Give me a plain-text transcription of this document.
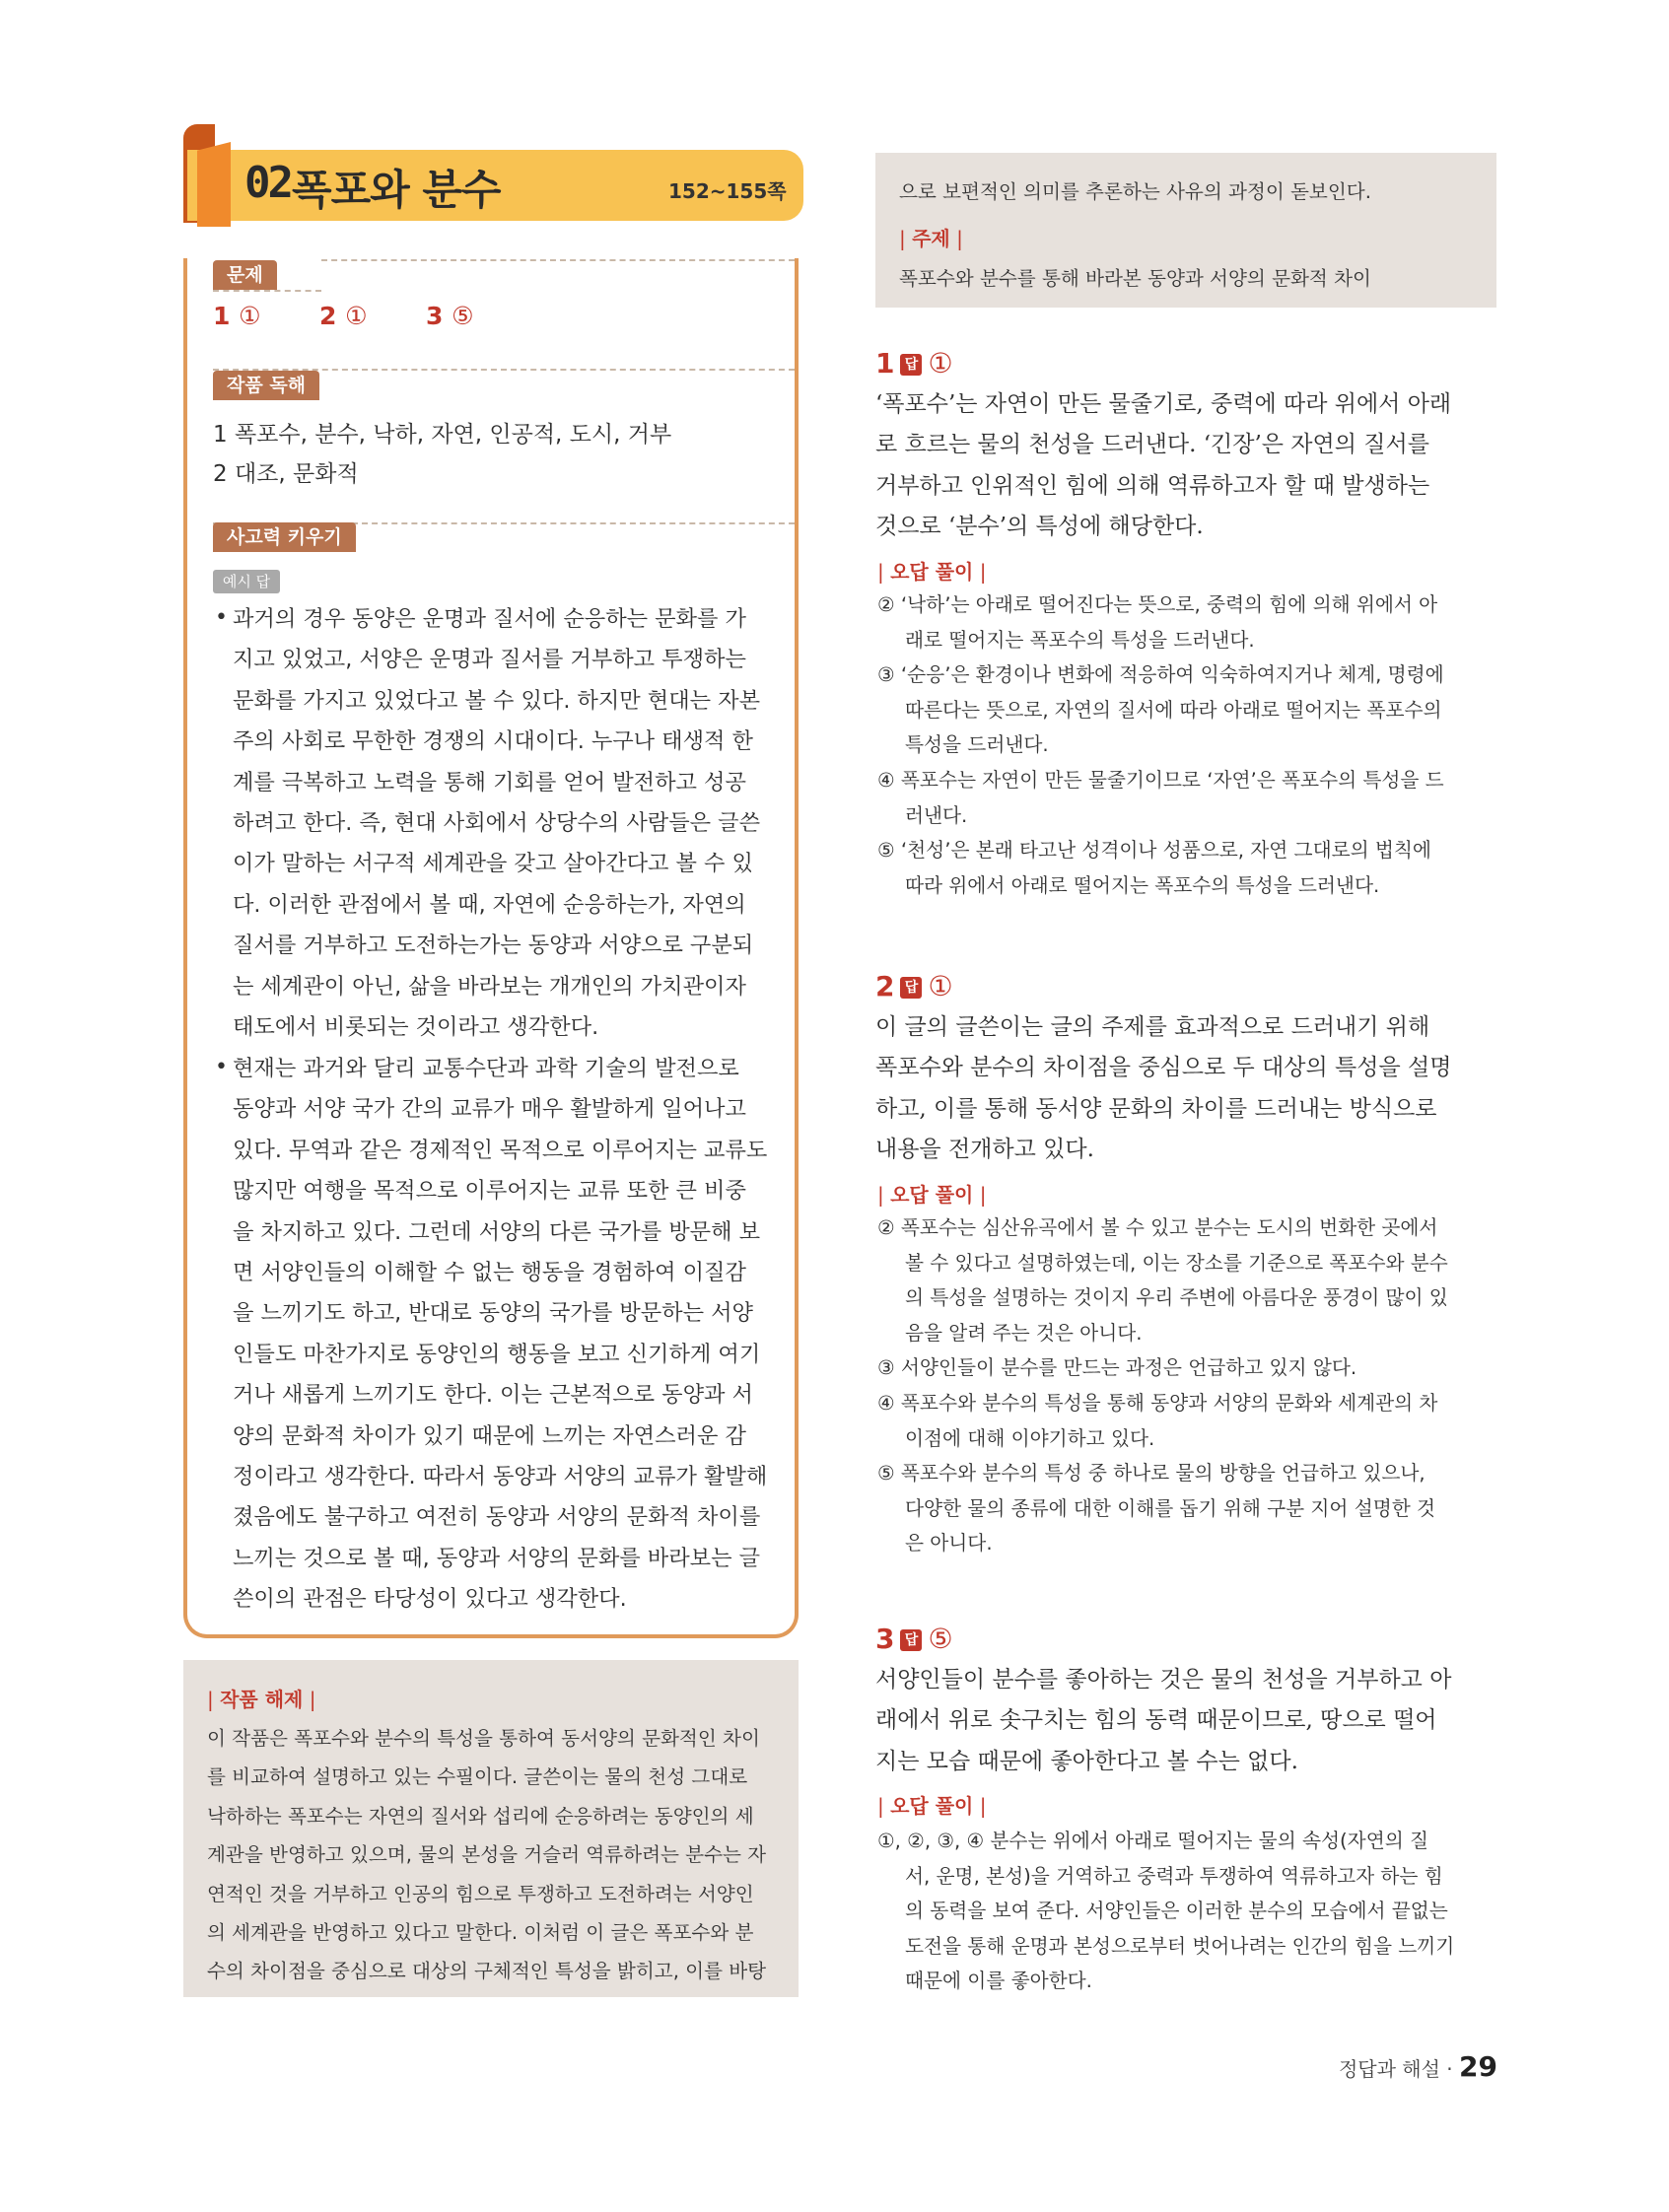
02 폭포와 분수	152~155쪽
문제
1 ① 2 ① 3 ⑤
작품 독해
1 폭포수, 분수, 낙하, 자연, 인공적, 도시, 거부
2 대조, 문화적
사고력 키우기
예시 답
• 과거의 경우 동양은 운명과 질서에 순응하는 문화를 가
지고 있었고, 서양은 운명과 질서를 거부하고 투쟁하는
문화를 가지고 있었다고 볼 수 있다. 하지만 현대는 자본
주의 사회로 무한한 경쟁의 시대이다. 누구나 태생적 한
계를 극복하고 노력을 통해 기회를 얻어 발전하고 성공
하려고 한다. 즉, 현대 사회에서 상당수의 사람들은 글쓴
이가 말하는 서구적 세계관을 갖고 살아간다고 볼 수 있
다. 이러한 관점에서 볼 때, 자연에 순응하는가, 자연의
질서를 거부하고 도전하는가는 동양과 서양으로 구분되
는 세계관이 아닌, 삶을 바라보는 개개인의 가치관이자
태도에서 비롯되는 것이라고 생각한다.
• 현재는 과거와 달리 교통수단과 과학 기술의 발전으로
동양과 서양 국가 간의 교류가 매우 활발하게 일어나고
있다. 무역과 같은 경제적인 목적으로 이루어지는 교류도
많지만 여행을 목적으로 이루어지는 교류 또한 큰 비중
을 차지하고 있다. 그런데 서양의 다른 국가를 방문해 보
면 서양인들의 이해할 수 없는 행동을 경험하여 이질감
을 느끼기도 하고, 반대로 동양의 국가를 방문하는 서양
인들도 마찬가지로 동양인의 행동을 보고 신기하게 여기
거나 새롭게 느끼기도 한다. 이는 근본적으로 동양과 서
양의 문화적 차이가 있기 때문에 느끼는 자연스러운 감
정이라고 생각한다. 따라서 동양과 서양의 교류가 활발해
졌음에도 불구하고 여전히 동양과 서양의 문화적 차이를
느끼는 것으로 볼 때, 동양과 서양의 문화를 바라보는 글
쓴이의 관점은 타당성이 있다고 생각한다.
| 작품 해제 |
이 작품은 폭포수와 분수의 특성을 통하여 동서양의 문화적인 차이
를 비교하여 설명하고 있는 수필이다. 글쓴이는 물의 천성 그대로
낙하하는 폭포수는 자연의 질서와 섭리에 순응하려는 동양인의 세
계관을 반영하고 있으며, 물의 본성을 거슬러 역류하려는 분수는 자
연적인 것을 거부하고 인공의 힘으로 투쟁하고 도전하려는 서양인
의 세계관을 반영하고 있다고 말한다. 이처럼 이 글은 폭포수와 분
수의 차이점을 중심으로 대상의 구체적인 특성을 밝히고, 이를 바탕
으로 보편적인 의미를 추론하는 사유의 과정이 돋보인다.
| 주제 |
폭포수와 분수를 통해 바라본 동양과 서양의 문화적 차이
1 답 ①
‘폭포수’는 자연이 만든 물줄기로, 중력에 따라 위에서 아래
로 흐르는 물의 천성을 드러낸다. ‘긴장’은 자연의 질서를
거부하고 인위적인 힘에 의해 역류하고자 할 때 발생하는
것으로 ‘분수’의 특성에 해당한다.
| 오답 풀이 |
② ‘낙하’는 아래로 떨어진다는 뜻으로, 중력의 힘에 의해 위에서 아
래로 떨어지는 폭포수의 특성을 드러낸다.
③ ‘순응’은 환경이나 변화에 적응하여 익숙하여지거나 체계, 명령에
따른다는 뜻으로, 자연의 질서에 따라 아래로 떨어지는 폭포수의
특성을 드러낸다.
④ 폭포수는 자연이 만든 물줄기이므로 ‘자연’은 폭포수의 특성을 드
러낸다.
⑤ ‘천성’은 본래 타고난 성격이나 성품으로, 자연 그대로의 법칙에
따라 위에서 아래로 떨어지는 폭포수의 특성을 드러낸다.
2 답 ①
이 글의 글쓴이는 글의 주제를 효과적으로 드러내기 위해
폭포수와 분수의 차이점을 중심으로 두 대상의 특성을 설명
하고, 이를 통해 동서양 문화의 차이를 드러내는 방식으로
내용을 전개하고 있다.
| 오답 풀이 |
② 폭포수는 심산유곡에서 볼 수 있고 분수는 도시의 번화한 곳에서
볼 수 있다고 설명하였는데, 이는 장소를 기준으로 폭포수와 분수
의 특성을 설명하는 것이지 우리 주변에 아름다운 풍경이 많이 있
음을 알려 주는 것은 아니다.
③ 서양인들이 분수를 만드는 과정은 언급하고 있지 않다.
④ 폭포수와 분수의 특성을 통해 동양과 서양의 문화와 세계관의 차
이점에 대해 이야기하고 있다.
⑤ 폭포수와 분수의 특성 중 하나로 물의 방향을 언급하고 있으나,
다양한 물의 종류에 대한 이해를 돕기 위해 구분 지어 설명한 것
은 아니다.
3 답 ⑤
서양인들이 분수를 좋아하는 것은 물의 천성을 거부하고 아
래에서 위로 솟구치는 힘의 동력 때문이므로, 땅으로 떨어
지는 모습 때문에 좋아한다고 볼 수는 없다.
| 오답 풀이 |
①, ②, ③, ④ 분수는 위에서 아래로 떨어지는 물의 속성(자연의 질
서, 운명, 본성)을 거역하고 중력과 투쟁하여 역류하고자 하는 힘
의 동력을 보여 준다. 서양인들은 이러한 분수의 모습에서 끝없는
도전을 통해 운명과 본성으로부터 벗어나려는 인간의 힘을 느끼기
때문에 이를 좋아한다.
정답과 해설 · 29
